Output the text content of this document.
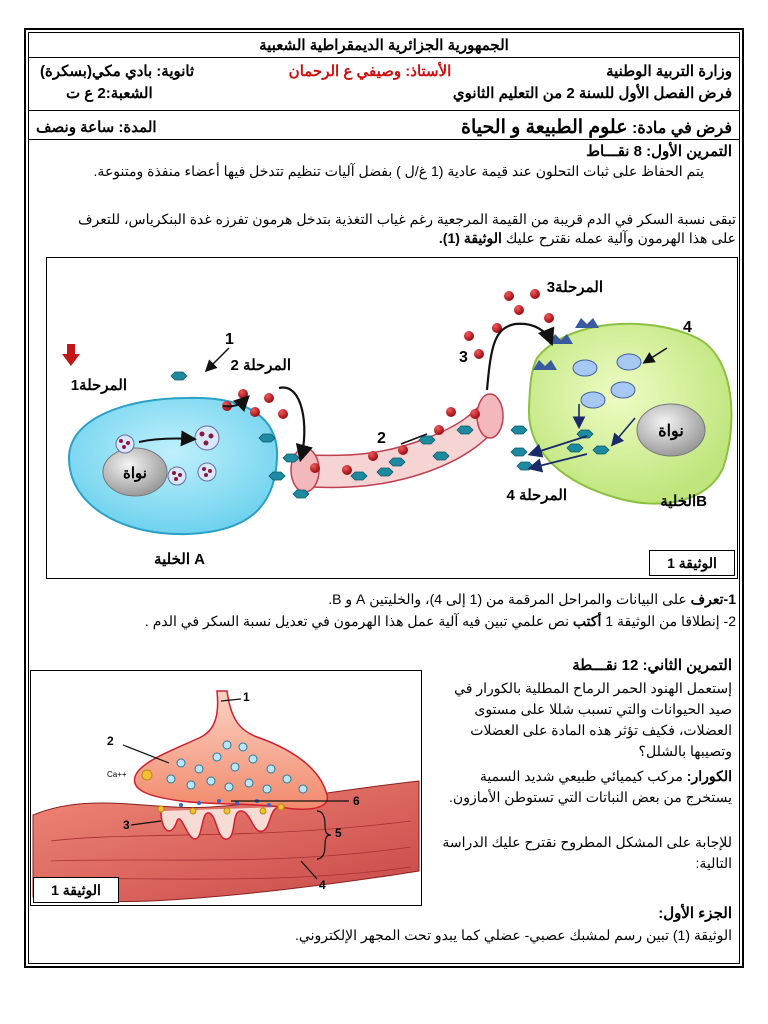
الجمهورية الجزائرية الديمقراطية الشعبية
وزارة التربية الوطنية
الأستاذ: وصيفي ع الرحمان
ثانوية: بادي مكي(بسكرة)
فرض الفصل الأول للسنة 2 من التعليم الثانوي
الشعبة:2 ع ت
فرض في مادة: علوم الطبيعة و الحياة
المدة: ساعة ونصف
التمرين الأول: 8 نقـــاط
يتم الحفاظ على ثبات التحلون عند قيمة عادية (1 غ/ل ) بفضل آليات تنظيم تتدخل فيها أعضاء منفذة ومتنوعة.
تبقى نسبة السكر في الدم قريبة من القيمة المرجعية رغم غياب التغذية بتدخل هرمون تفرزه غدة البنكرياس، للتعرف على هذا الهرمون وآلية عمله نقترح عليك الوثيقة (1).
المرحلة1
المرحلة 2
المرحلة3
المرحلة 4
نواة
نواة
الخلية A
الخليةB
1
2
3
4
الوثيقة 1
1-تعرف على البيانات والمراحل المرقمة من (1 إلى 4)، والخليتين A و B.
2- إنطلاقا من الوثيقة 1 أكتب نص علمي تبين فيه آلية عمل هذا الهرمون في تعديل نسبة السكر في الدم .
التمرين الثاني: 12 نقـــطة
إستعمل الهنود الحمر الرماح المطلية بالكورار في صيد الحيوانات والتي تسبب شللا على مستوى العضلات، فكيف تؤثر هذه المادة على العضلات وتصيبها بالشلل؟
الكورار: مركب كيميائي طبيعي شديد السمية يستخرج من بعض النباتات التي تستوطن الأمازون.
للإجابة على المشكل المطروح نقترح عليك الدراسة التالية:
الجزء الأول:
الوثيقة (1) تبين رسم لمشبك عصبي- عضلي كما يبدو تحت المجهر الإلكتروني.
1
2
3
4
5
6
Ca++
الوثيقة 1
